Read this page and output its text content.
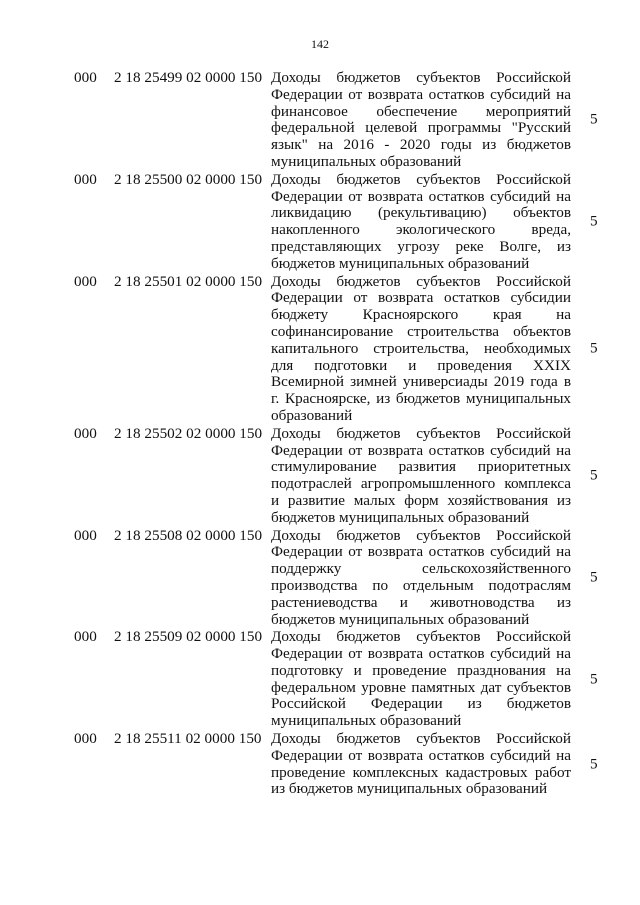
142
000 2 18 25499 02 0000 150 Доходы бюджетов субъектов Российской Федерации от возврата остатков субсидий на финансовое обеспечение мероприятий федеральной целевой программы "Русский язык" на 2016 - 2020 годы из бюджетов муниципальных образований
5
000 2 18 25500 02 0000 150 Доходы бюджетов субъектов Российской Федерации от возврата остатков субсидий на ликвидацию (рекультивацию) объектов накопленного экологического вреда, представляющих угрозу реке Волге, из бюджетов муниципальных образований
5
000 2 18 25501 02 0000 150 Доходы бюджетов субъектов Российской Федерации от возврата остатков субсидии бюджету Красноярского края на софинансирование строительства объектов капитального строительства, необходимых для подготовки и проведения XXIX Всемирной зимней универсиады 2019 года в г. Красноярске, из бюджетов муниципальных образований
5
000 2 18 25502 02 0000 150 Доходы бюджетов субъектов Российской Федерации от возврата остатков субсидий на стимулирование развития приоритетных подотраслей агропромышленного комплекса и развитие малых форм хозяйствования из бюджетов муниципальных образований
5
000 2 18 25508 02 0000 150 Доходы бюджетов субъектов Российской Федерации от возврата остатков субсидий на поддержку сельскохозяйственного производства по отдельным подотраслям растениеводства и животноводства из бюджетов муниципальных образований
5
000 2 18 25509 02 0000 150 Доходы бюджетов субъектов Российской Федерации от возврата остатков субсидий на подготовку и проведение празднования на федеральном уровне памятных дат субъектов Российской Федерации из бюджетов муниципальных образований
5
000 2 18 25511 02 0000 150 Доходы бюджетов субъектов Российской Федерации от возврата остатков субсидий на проведение комплексных кадастровых работ из бюджетов муниципальных образований
5
